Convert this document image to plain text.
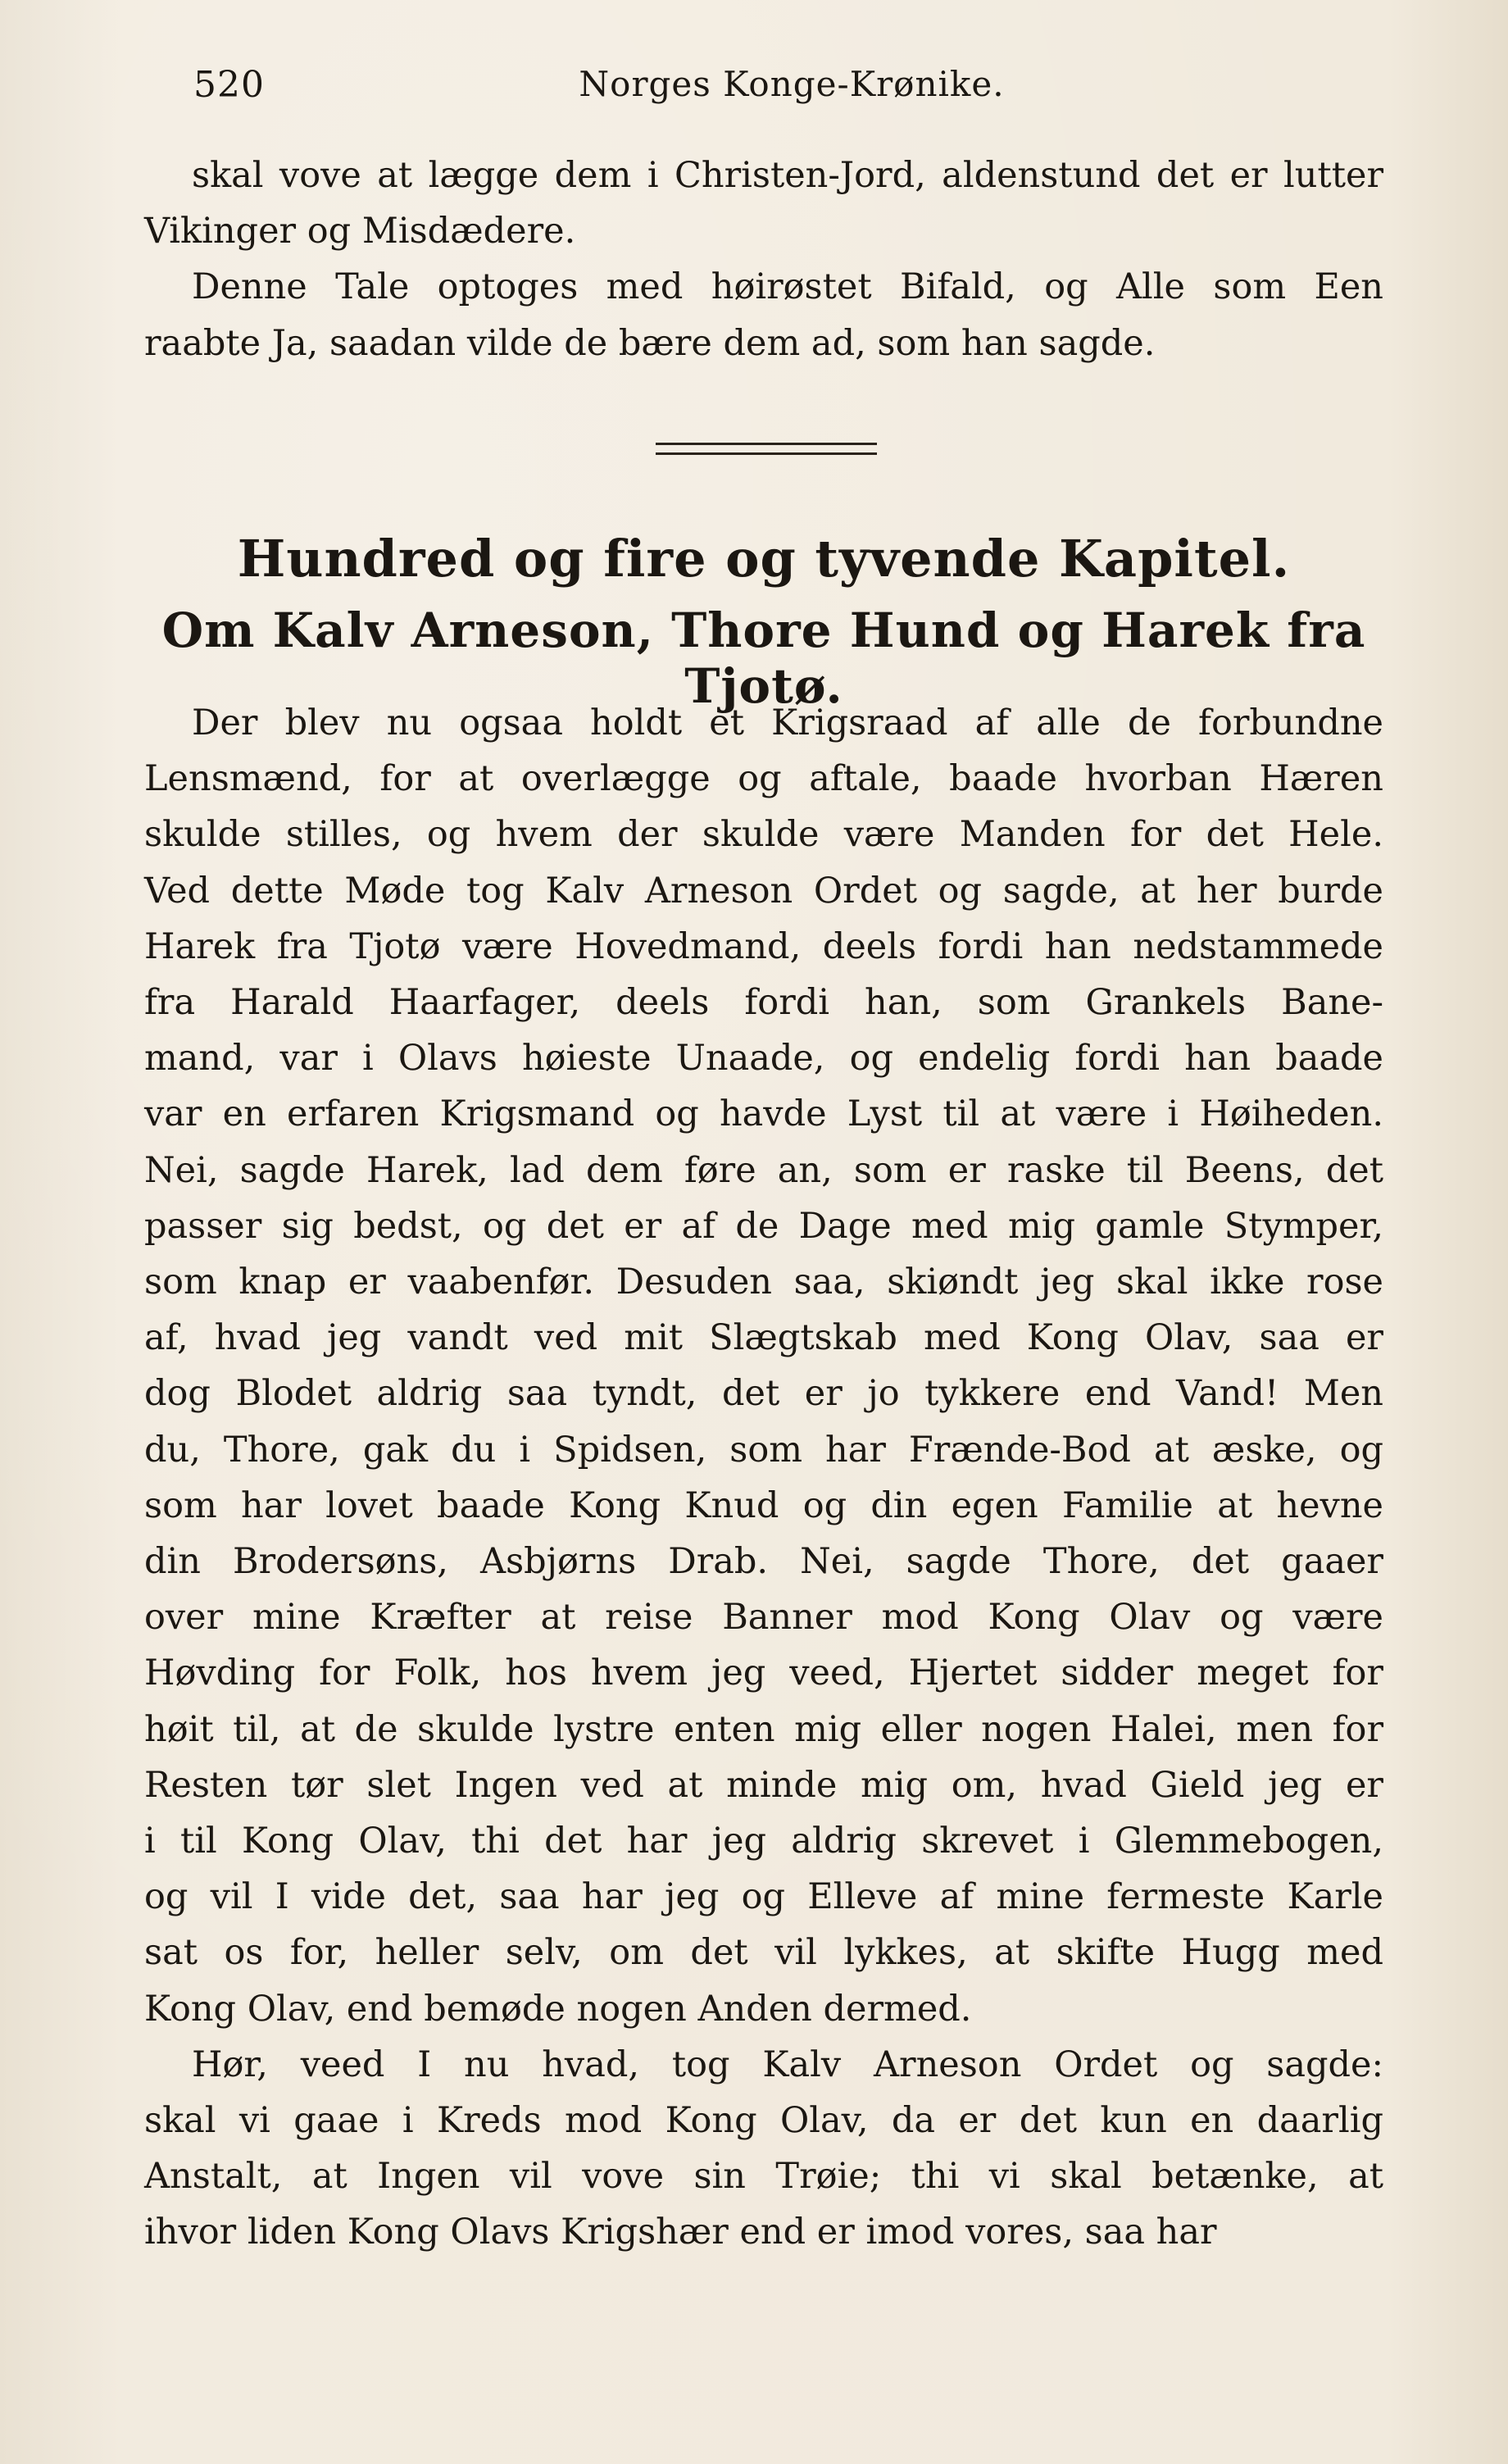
520	Norges Konge-Krønike.
skal vove at lægge dem i Christen-Jord, aldenstund det er lutter
Vikinger og Misdædere.
Denne Tale optoges med høirøstet Bifald, og Alle som Een
raabte Ja, saadan vilde de bære dem ad, som han sagde.
Hundred og fire og tyvende Kapitel.
Om Kalv Arneson, Thore Hund og Harek fra Tjotø.
Der blev nu ogsaa holdt et Krigsraad af alle de forbundne
Lensmænd, for at overlægge og aftale, baade hvorban Hæren
skulde stilles, og hvem der skulde være Manden for det Hele.
Ved dette Møde tog Kalv Arneson Ordet og sagde, at her burde
Harek fra Tjotø være Hovedmand, deels fordi han nedstammede
fra Harald Haarfager, deels fordi han, som Grankels Bane-
mand, var i Olavs høieste Unaade, og endelig fordi han baade
var en erfaren Krigsmand og havde Lyst til at være i Høiheden.
Nei, sagde Harek, lad dem føre an, som er raske til Beens, det
passer sig bedst, og det er af de Dage med mig gamle Stymper,
som knap er vaabenfør. Desuden saa, skiøndt jeg skal ikke rose
af, hvad jeg vandt ved mit Slægtskab med Kong Olav, saa er
dog Blodet aldrig saa tyndt, det er jo tykkere end Vand! Men
du, Thore, gak du i Spidsen, som har Frænde-Bod at æske, og
som har lovet baade Kong Knud og din egen Familie at hevne
din Brodersøns, Asbjørns Drab. Nei, sagde Thore, det gaaer
over mine Kræfter at reise Banner mod Kong Olav og være
Høvding for Folk, hos hvem jeg veed, Hjertet sidder meget for
høit til, at de skulde lystre enten mig eller nogen Halei, men for
Resten tør slet Ingen ved at minde mig om, hvad Gield jeg er
i til Kong Olav, thi det har jeg aldrig skrevet i Glemmebogen,
og vil I vide det, saa har jeg og Elleve af mine fermeste Karle
sat os for, heller selv, om det vil lykkes, at skifte Hugg med
Kong Olav, end bemøde nogen Anden dermed.
Hør, veed I nu hvad, tog Kalv Arneson Ordet og sagde:
skal vi gaae i Kreds mod Kong Olav, da er det kun en daarlig
Anstalt, at Ingen vil vove sin Trøie; thi vi skal betænke, at
ihvor liden Kong Olavs Krigshær end er imod vores, saa har
